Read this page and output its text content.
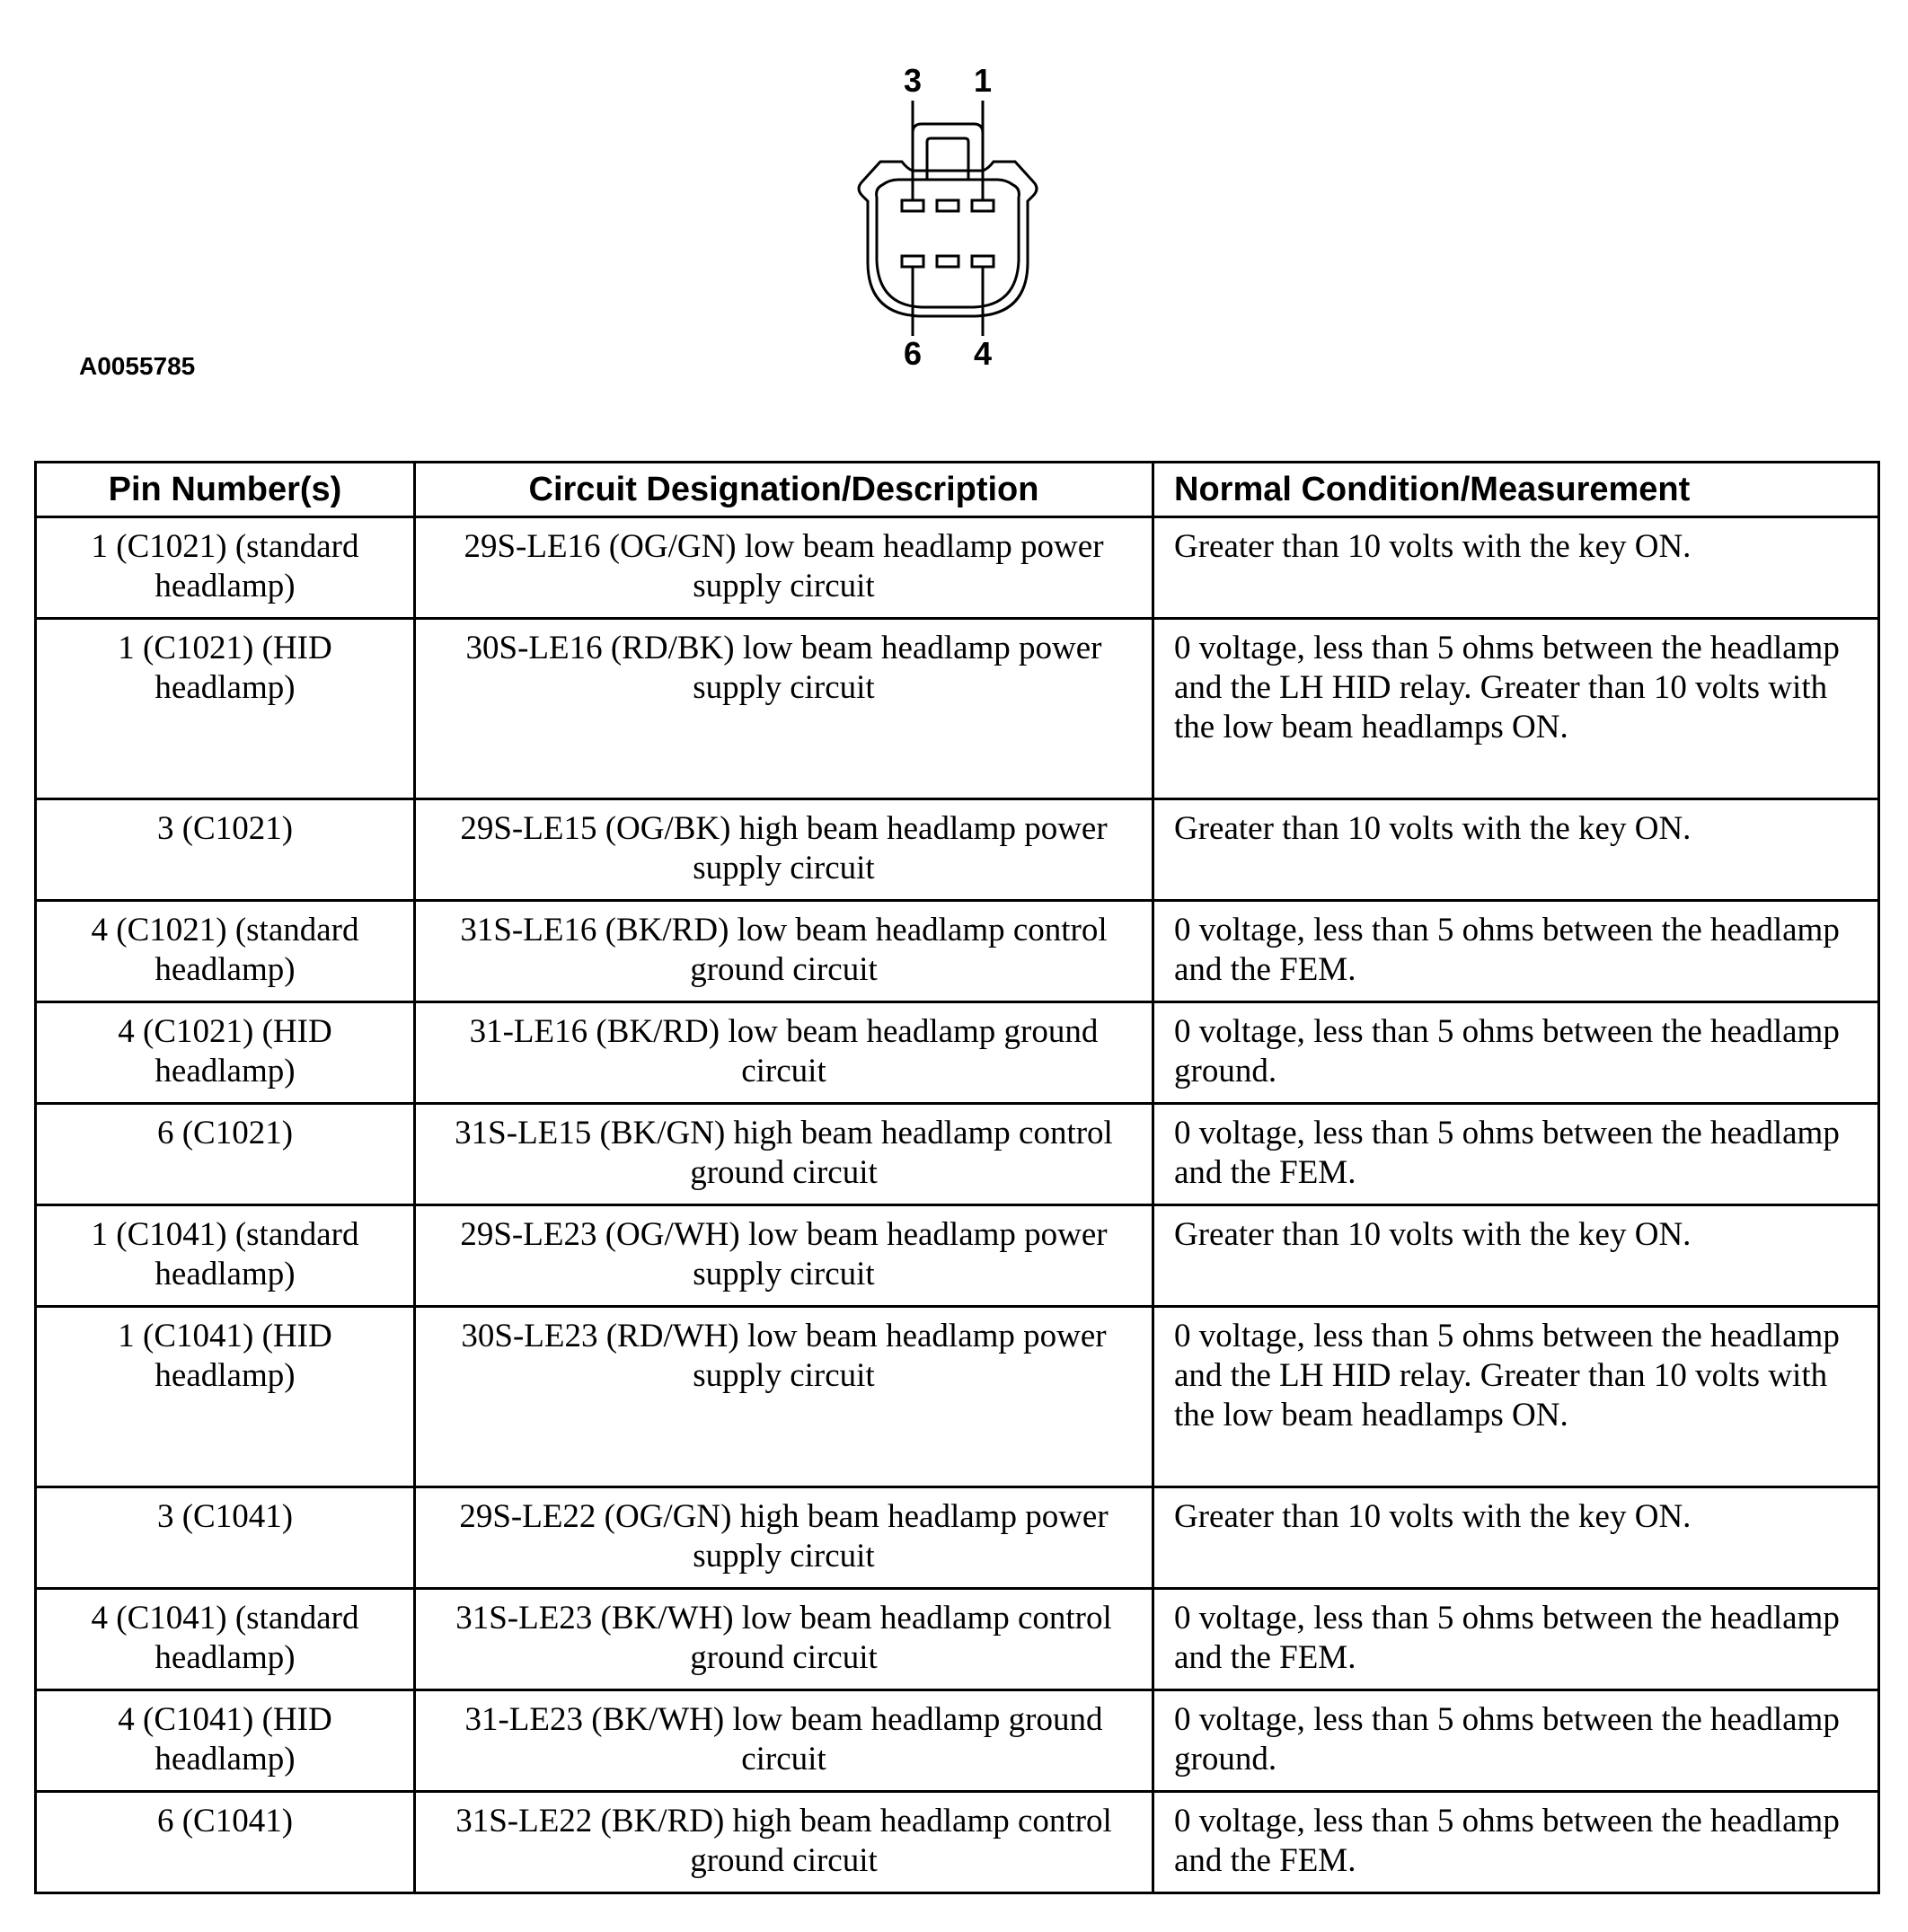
3 1
6 4
A0055785
Pin Number(s)	Circuit Designation/Description	Normal Condition/Measurement
1 (C1021) (standard headlamp)	29S-LE16 (OG/GN) low beam headlamp power supply circuit	Greater than 10 volts with the key ON.
1 (C1021) (HID headlamp)	30S-LE16 (RD/BK) low beam headlamp power supply circuit	0 voltage, less than 5 ohms between the headlamp and the LH HID relay. Greater than 10 volts with the low beam headlamps ON.
3 (C1021)	29S-LE15 (OG/BK) high beam headlamp power supply circuit	Greater than 10 volts with the key ON.
4 (C1021) (standard headlamp)	31S-LE16 (BK/RD) low beam headlamp control ground circuit	0 voltage, less than 5 ohms between the headlamp and the FEM.
4 (C1021) (HID headlamp)	31-LE16 (BK/RD) low beam headlamp ground circuit	0 voltage, less than 5 ohms between the headlamp ground.
6 (C1021)	31S-LE15 (BK/GN) high beam headlamp control ground circuit	0 voltage, less than 5 ohms between the headlamp and the FEM.
1 (C1041) (standard headlamp)	29S-LE23 (OG/WH) low beam headlamp power supply circuit	Greater than 10 volts with the key ON.
1 (C1041) (HID headlamp)	30S-LE23 (RD/WH) low beam headlamp power supply circuit	0 voltage, less than 5 ohms between the headlamp and the LH HID relay. Greater than 10 volts with the low beam headlamps ON.
3 (C1041)	29S-LE22 (OG/GN) high beam headlamp power supply circuit	Greater than 10 volts with the key ON.
4 (C1041) (standard headlamp)	31S-LE23 (BK/WH) low beam headlamp control ground circuit	0 voltage, less than 5 ohms between the headlamp and the FEM.
4 (C1041) (HID headlamp)	31-LE23 (BK/WH) low beam headlamp ground circuit	0 voltage, less than 5 ohms between the headlamp ground.
6 (C1041)	31S-LE22 (BK/RD) high beam headlamp control ground circuit	0 voltage, less than 5 ohms between the headlamp and the FEM.
